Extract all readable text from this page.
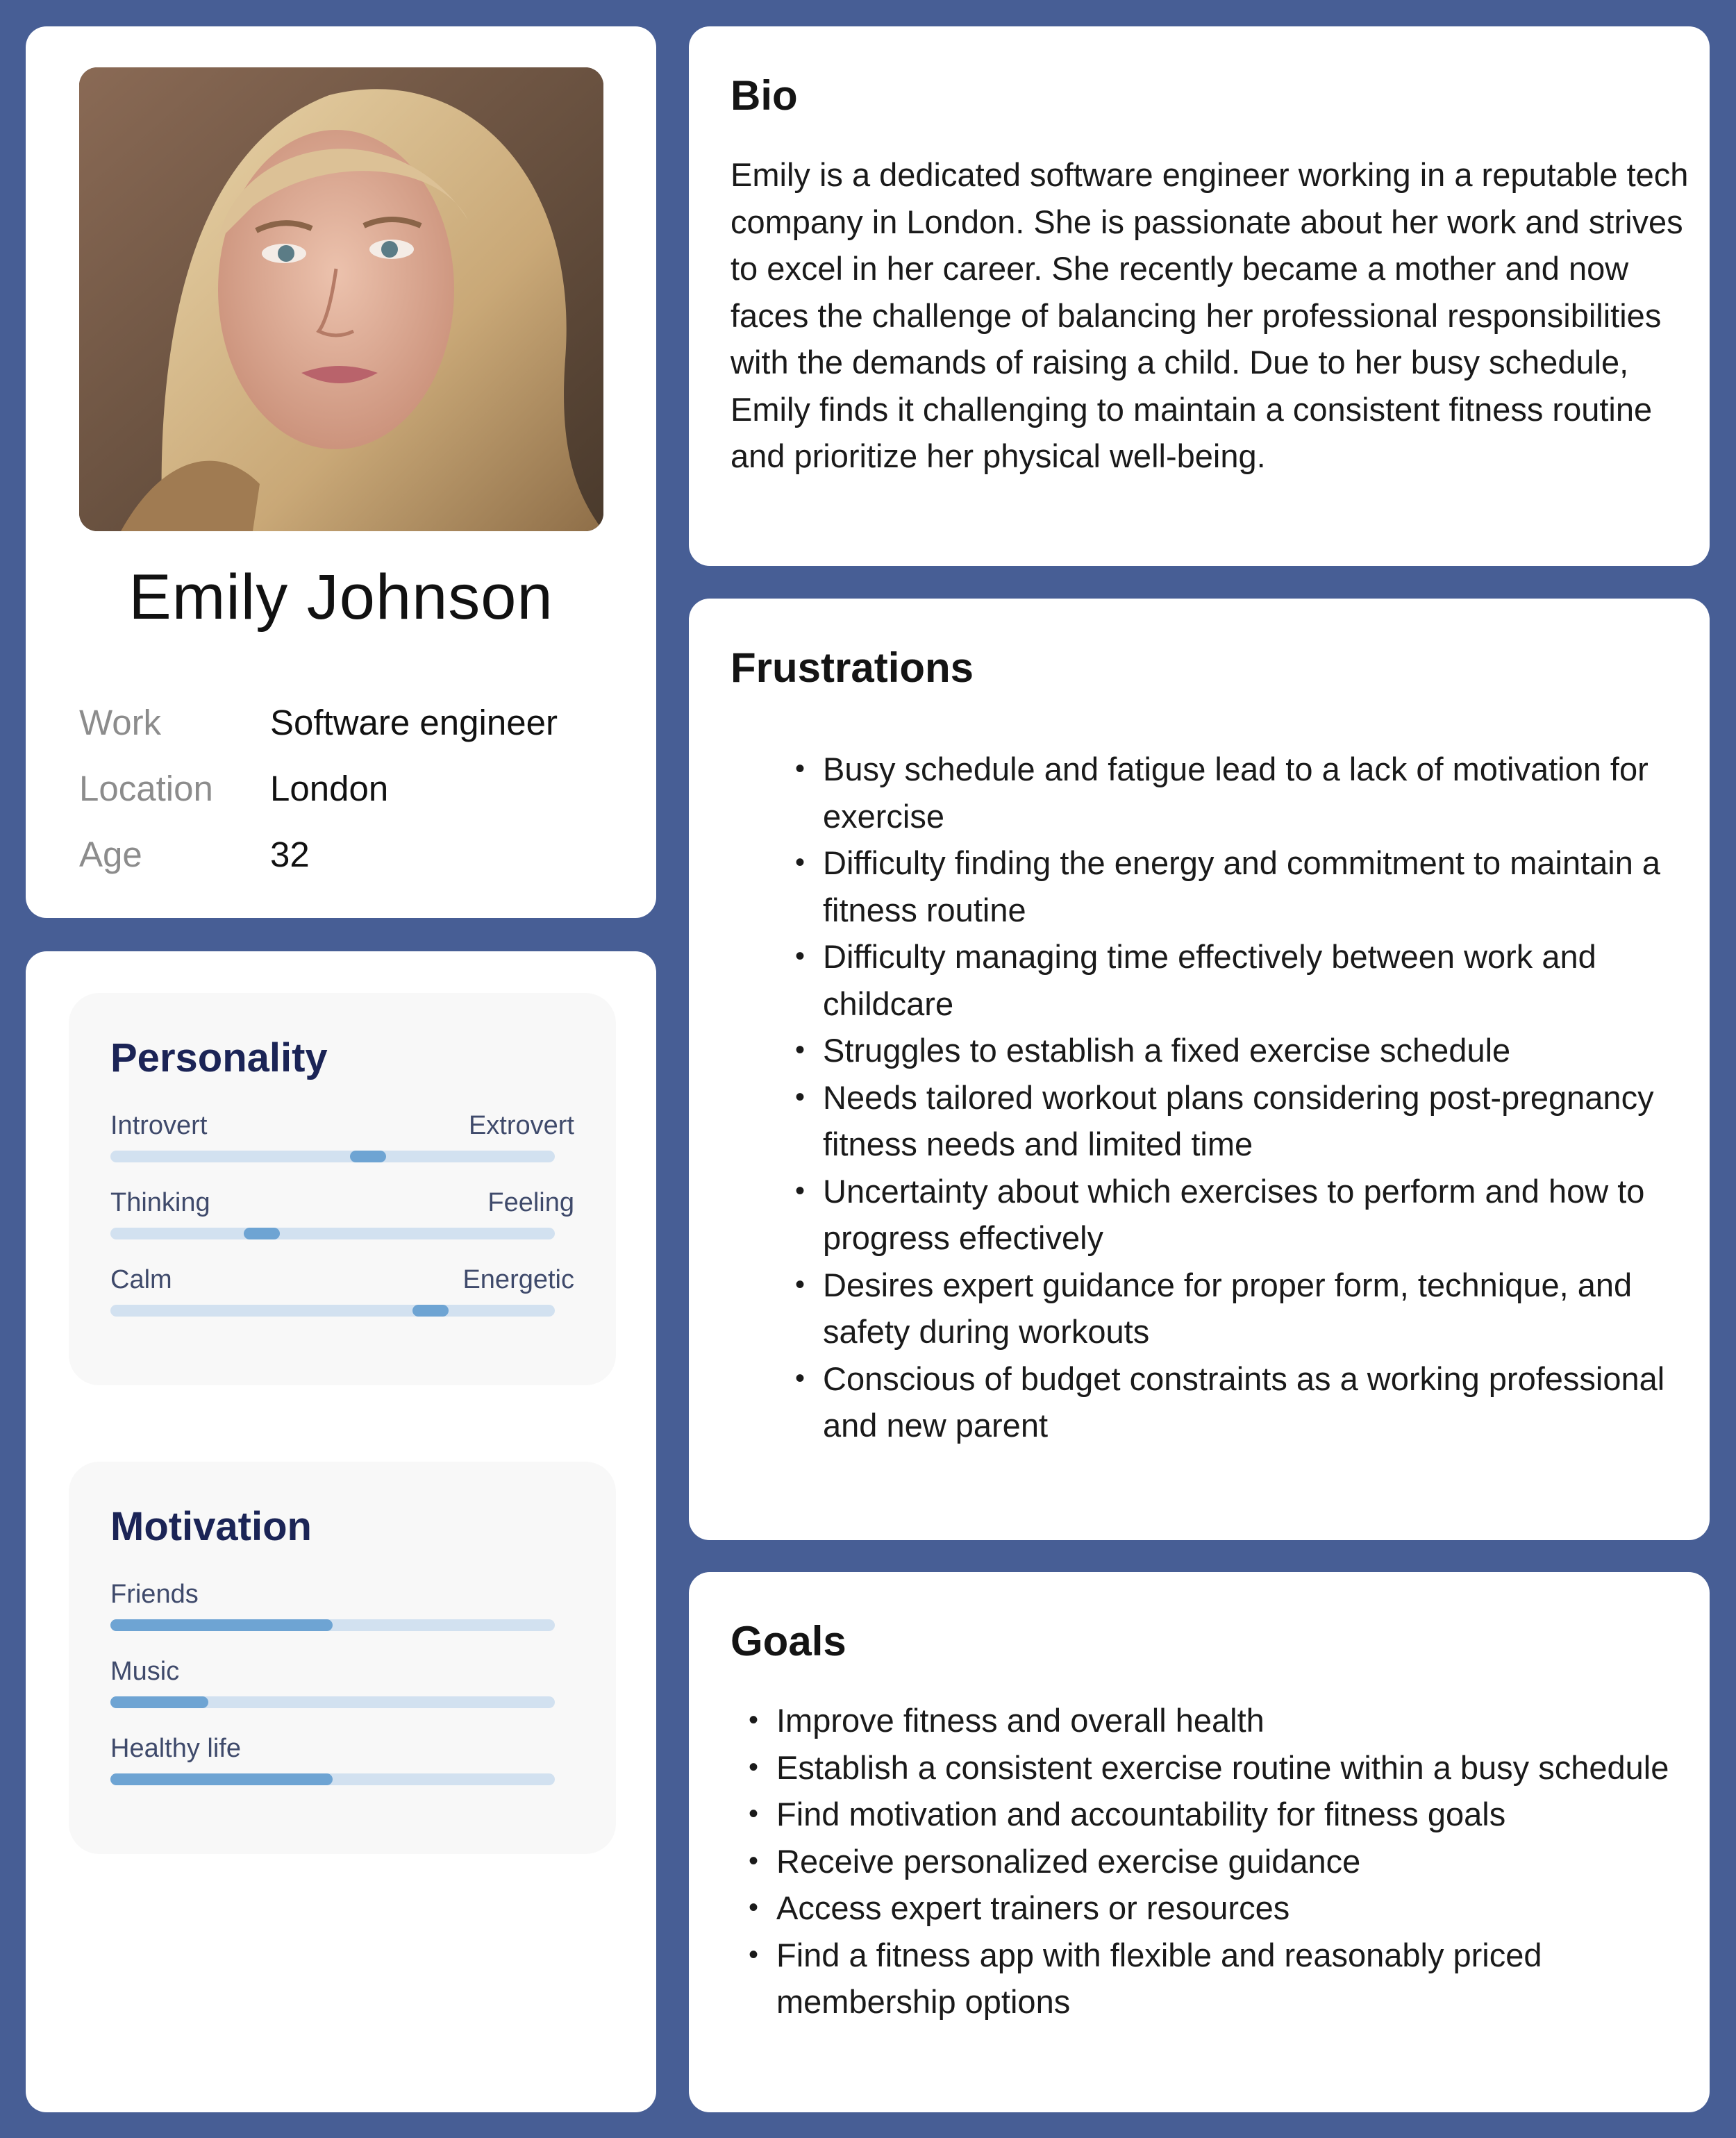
Emily Johnson
Work	Software engineer
Location	London
Age	32
Personality
Introvert	Extrovert
Thinking	Feeling
Calm	Energetic
Motivation
Friends
Music
Healthy life
Bio
Emily is a dedicated software engineer working in a reputable tech company in London. She is passionate about her work and strives to excel in her career. She recently became a mother and now faces the challenge of balancing her professional responsibilities with the demands of raising a child. Due to her busy schedule, Emily finds it challenging to maintain a consistent fitness routine and prioritize her physical well-being.
Frustrations
• Busy schedule and fatigue lead to a lack of motivation for exercise
• Difficulty finding the energy and commitment to maintain a fitness routine
• Difficulty managing time effectively between work and childcare
• Struggles to establish a fixed exercise schedule
• Needs tailored workout plans considering post-pregnancy fitness needs and limited time
• Uncertainty about which exercises to perform and how to progress effectively
• Desires expert guidance for proper form, technique, and safety during workouts
• Conscious of budget constraints as a working professional and new parent
Goals
• Improve fitness and overall health
• Establish a consistent exercise routine within a busy schedule
• Find motivation and accountability for fitness goals
• Receive personalized exercise guidance
• Access expert trainers or resources
• Find a fitness app with flexible and reasonably priced membership options
